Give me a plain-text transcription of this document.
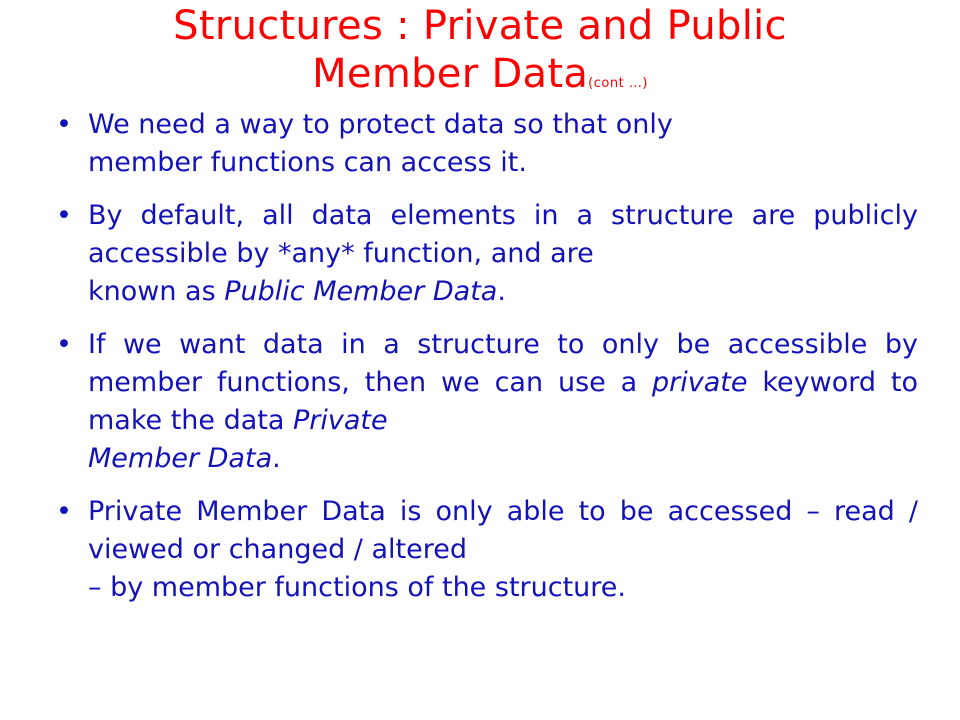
Structures : Private and Public
Member Data(cont …)
• We need a way to protect data so that only
member functions can access it.
• By default, all data elements in a structure are publicly accessible by *any* function, and are
known as Public Member Data.
• If we want data in a structure to only be accessible by member functions, then we can use a private keyword to make the data Private
Member Data.
• Private Member Data is only able to be accessed – read / viewed or changed / altered
– by member functions of the structure.
